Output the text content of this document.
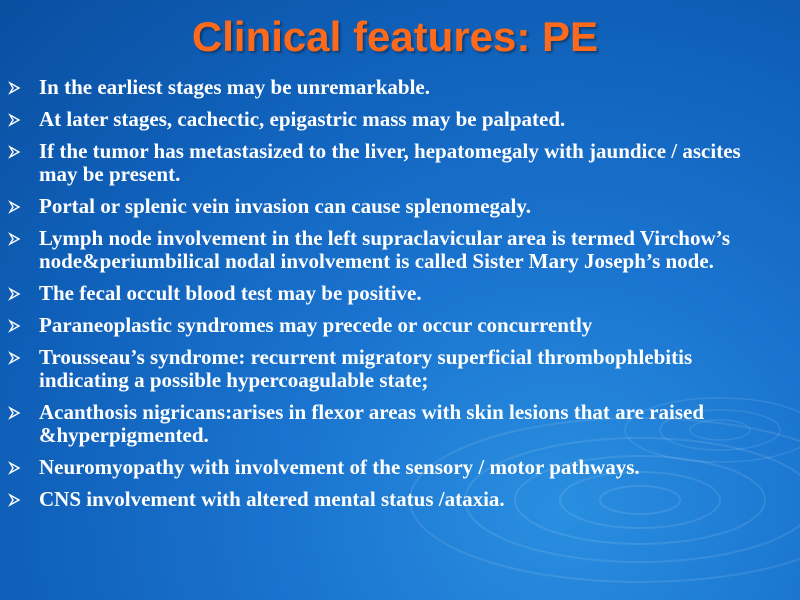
Clinical features: PE
In the earliest stages may be unremarkable.
At later stages, cachectic, epigastric mass may be palpated.
If the tumor has metastasized to the liver, hepatomegaly with jaundice / ascites may be present.
Portal or splenic vein invasion can cause splenomegaly.
Lymph node involvement in the left supraclavicular area is termed Virchow’s node&periumbilical nodal involvement is called Sister Mary Joseph’s node.
The fecal occult blood test may be positive.
Paraneoplastic syndromes may precede or occur concurrently
Trousseau’s syndrome: recurrent migratory superficial thrombophlebitis indicating a possible hypercoagulable state;
Acanthosis nigricans:arises in flexor areas with skin lesions that are raised &hyperpigmented.
Neuromyopathy with involvement of the sensory / motor pathways.
CNS involvement with altered mental status /ataxia.
